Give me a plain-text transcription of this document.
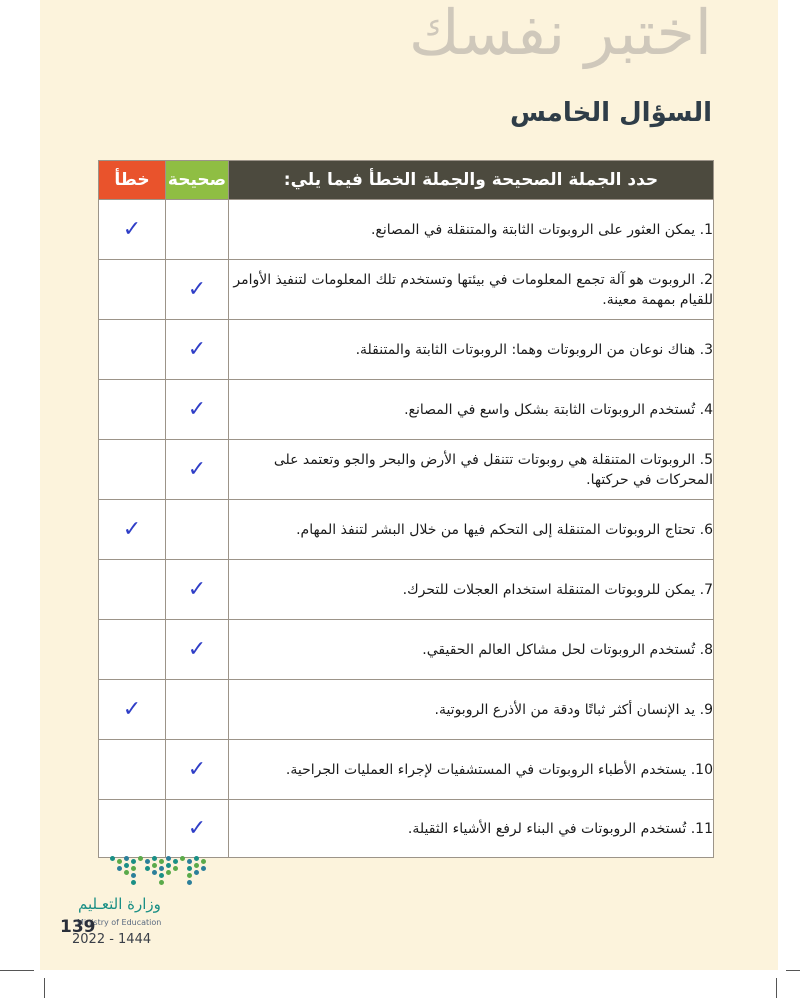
اختبر نفسك
السؤال الخامس
حدد الجملة الصحيحة والجملة الخطأ فيما يلي:	صحيحة	خطأ
1. يمكن العثور على الروبوتات الثابتة والمتنقلة في المصانع.		✓
2. الروبوت هو آلة تجمع المعلومات في بيئتها وتستخدم تلك المعلومات لتنفيذ الأوامر للقيام بمهمة معينة.	✓	
3. هناك نوعان من الروبوتات وهما: الروبوتات الثابتة والمتنقلة.	✓	
4. تُستخدم الروبوتات الثابتة بشكل واسع في المصانع.	✓	
5. الروبوتات المتنقلة هي روبوتات تتنقل في الأرض والبحر والجو وتعتمد على المحركات في حركتها.	✓	
6. تحتاج الروبوتات المتنقلة إلى التحكم فيها من خلال البشر لتنفذ المهام.		✓
7. يمكن للروبوتات المتنقلة استخدام العجلات للتحرك.	✓	
8. تُستخدم الروبوتات لحل مشاكل العالم الحقيقي.	✓	
9. يد الإنسان أكثر ثباتًا ودقة من الأذرع الروبوتية.		✓
10. يستخدم الأطباء الروبوتات في المستشفيات لإجراء العمليات الجراحية.	✓	
11. تُستخدم الروبوتات في البناء لرفع الأشياء الثقيلة.	✓	
وزارة التعـليم
Ministry of Education
139
2022 - 1444
